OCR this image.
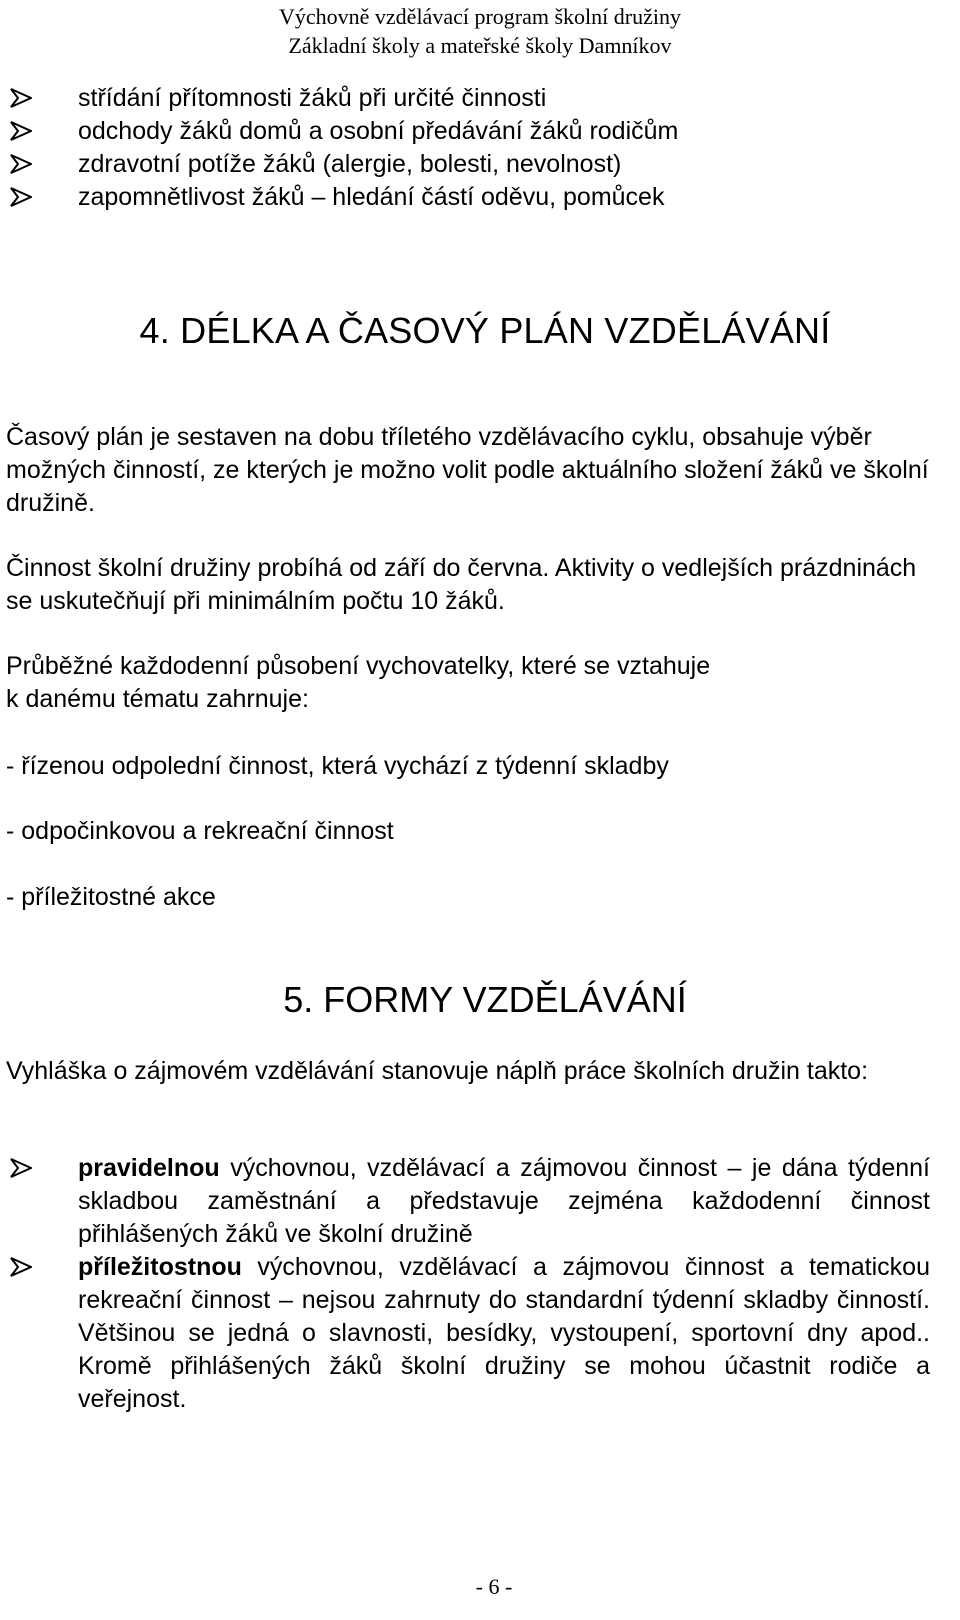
Výchovně vzdělávací program školní družiny
Základní školy a mateřské školy Damníkov
střídání přítomnosti žáků při určité činnosti
odchody žáků domů a osobní předávání žáků rodičům
zdravotní potíže žáků (alergie, bolesti, nevolnost)
zapomnětlivost žáků – hledání částí oděvu, pomůcek
4. DÉLKA A ČASOVÝ PLÁN VZDĚLÁVÁNÍ
Časový plán je sestaven na dobu tříletého vzdělávacího cyklu, obsahuje výběr možných činností, ze kterých je možno volit podle aktuálního složení žáků ve školní družině.
Činnost školní družiny probíhá od září do června. Aktivity o vedlejších prázdninách se uskutečňují při minimálním počtu 10 žáků.
Průběžné každodenní působení vychovatelky, které se vztahuje
k danému tématu zahrnuje:
- řízenou odpolední činnost, která vychází z týdenní skladby
- odpočinkovou a rekreační činnost
- příležitostné akce
5. FORMY VZDĚLÁVÁNÍ
Vyhláška o zájmovém vzdělávání stanovuje náplň práce školních družin takto:
pravidelnou výchovnou, vzdělávací a zájmovou činnost – je dána týdenní skladbou zaměstnání a představuje zejména každodenní činnost přihlášených žáků ve školní družině
příležitostnou výchovnou, vzdělávací a zájmovou činnost a tematickou rekreační činnost – nejsou zahrnuty do standardní týdenní skladby činností. Většinou se jedná o slavnosti, besídky, vystoupení, sportovní dny apod.. Kromě přihlášených žáků školní družiny se mohou účastnit rodiče a veřejnost.
- 6 -
